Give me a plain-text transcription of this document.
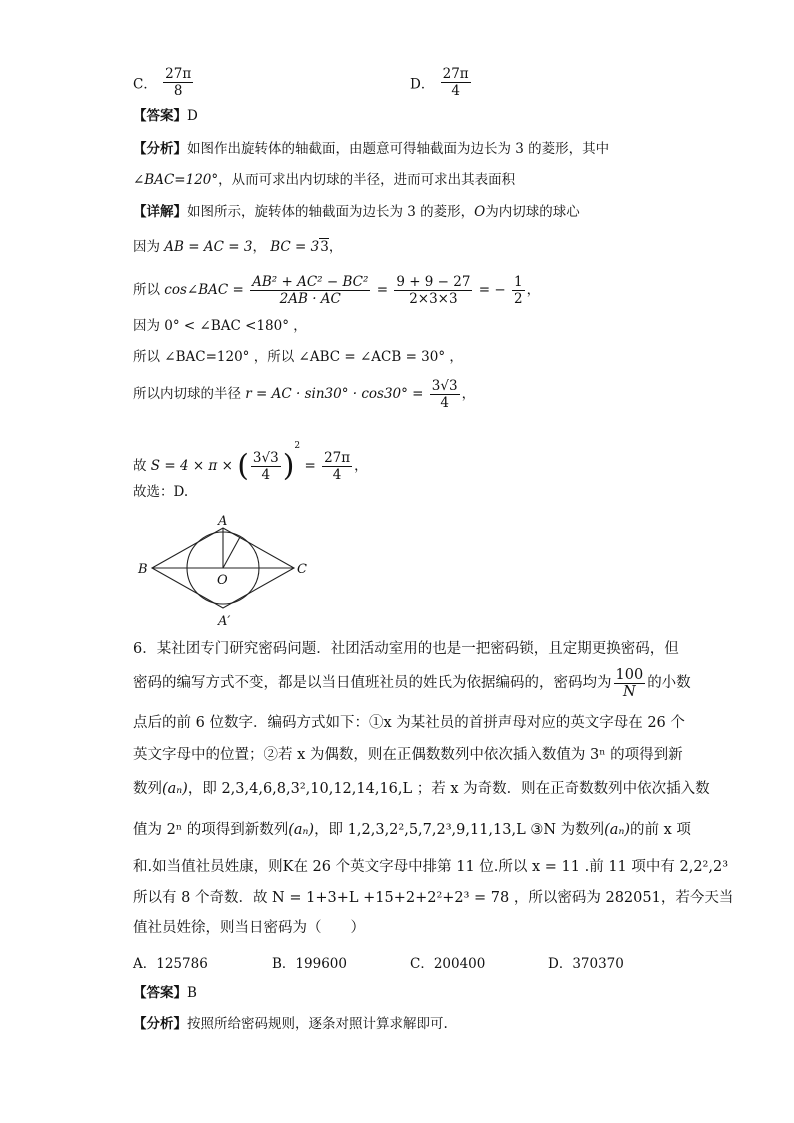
C． $\frac{27\pi}{8}$	D． $\frac{27\pi}{4}$
【答案】D
【分析】如图作出旋转体的轴截面，由题意可得轴截面为边长为 3 的菱形，其中
∠BAC=120°，从而可求出内切球的半径，进而可求出其表面积
【详解】如图所示，旋转体的轴截面为边长为 3 的菱形，O为内切球的球心
因为 AB = AC = 3， BC = 33，
所以 cos∠BAC = $\frac{\text{AB² + AC² − BC²}}{2AB \cdot AC} = \frac{9 + 9 - 27}{2\times 3\times 3}$ = − $\frac{1}{2}$ ，
因为 0° < ∠BAC <180° ，
所以 ∠BAC=120° ，所以 ∠ABC = ∠ACB = 30° ，
所以内切球的半径 r = AC · $\sin 30^\circ \cdot \cos 30^\circ = \frac{3√3}{4}$ ，
故 S = 4 × π × ( $\frac{3√3}{4} )^2 = \frac{27\pi}{4}$ ，
故选：D.
A
B	C
O
A′
6．某社团专门研究密码问题．社团活动室用的也是一把密码锁，且定期更换密码，但
密码的编写方式不变，都是以当日值班社员的姓氏为依据编码的，密码均为 $\frac{100}{N}$ 的小数
点后的前 6 位数字．编码方式如下：①x 为某社员的首拼声母对应的英文字母在 26 个
英文字母中的位置；②若 x 为偶数，则在正偶数数列中依次插入数值为 3ⁿ 的项得到新
数列(aₙ)，即 2,3,4,6,8,3²,10,12,14,16,L ；若 x 为奇数．则在正奇数数列中依次插入数
值为 2ⁿ 的项得到新数列(aₙ)，即 1,2,3,2²,5,7,2³,9,11,13,L ③N 为数列(aₙ)的前 x 项
和.如当值社员姓康，则K在 26 个英文字母中排第 11 位.所以 x = 11 .前 11 项中有 2,2²,2³
所以有 8 个奇数．故 N = 1+3+L +15+2+2²+2³ = 78 ，所以密码为 282051，若今天当
值社员姓徐，则当日密码为（　　）
A．125786	B．199600	C．200400	D．370370
【答案】B
【分析】按照所给密码规则，逐条对照计算求解即可.
